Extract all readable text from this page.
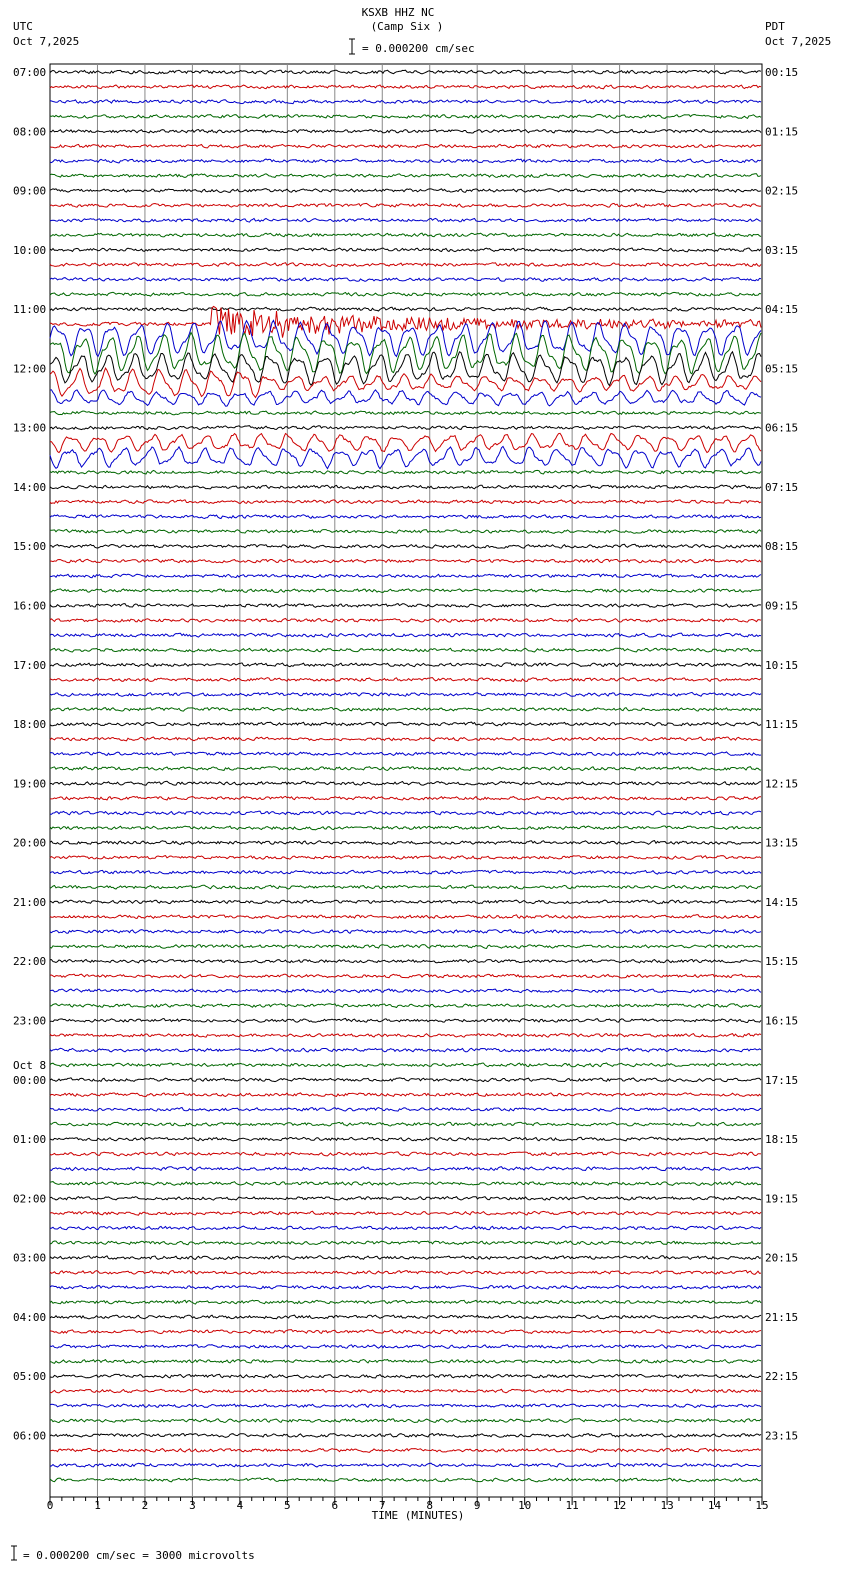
KSXB HHZ NC
(Camp Six )
UTC
Oct 7,2025
PDT
Oct 7,2025
= 0.000200 cm/sec
07:00
08:00
09:00
10:00
11:00
12:00
13:00
14:00
15:00
16:00
17:00
18:00
19:00
20:00
21:00
22:00
23:00
00:00
Oct 8
01:00
02:00
03:00
04:00
05:00
06:00
00:15
01:15
02:15
03:15
04:15
05:15
06:15
07:15
08:15
09:15
10:15
11:15
12:15
13:15
14:15
15:15
16:15
17:15
18:15
19:15
20:15
21:15
22:15
23:15
0	1	2	3	4	5	6	7	8	9	10	11	12	13	14	15
TIME (MINUTES)
= 0.000200 cm/sec = 3000 microvolts
